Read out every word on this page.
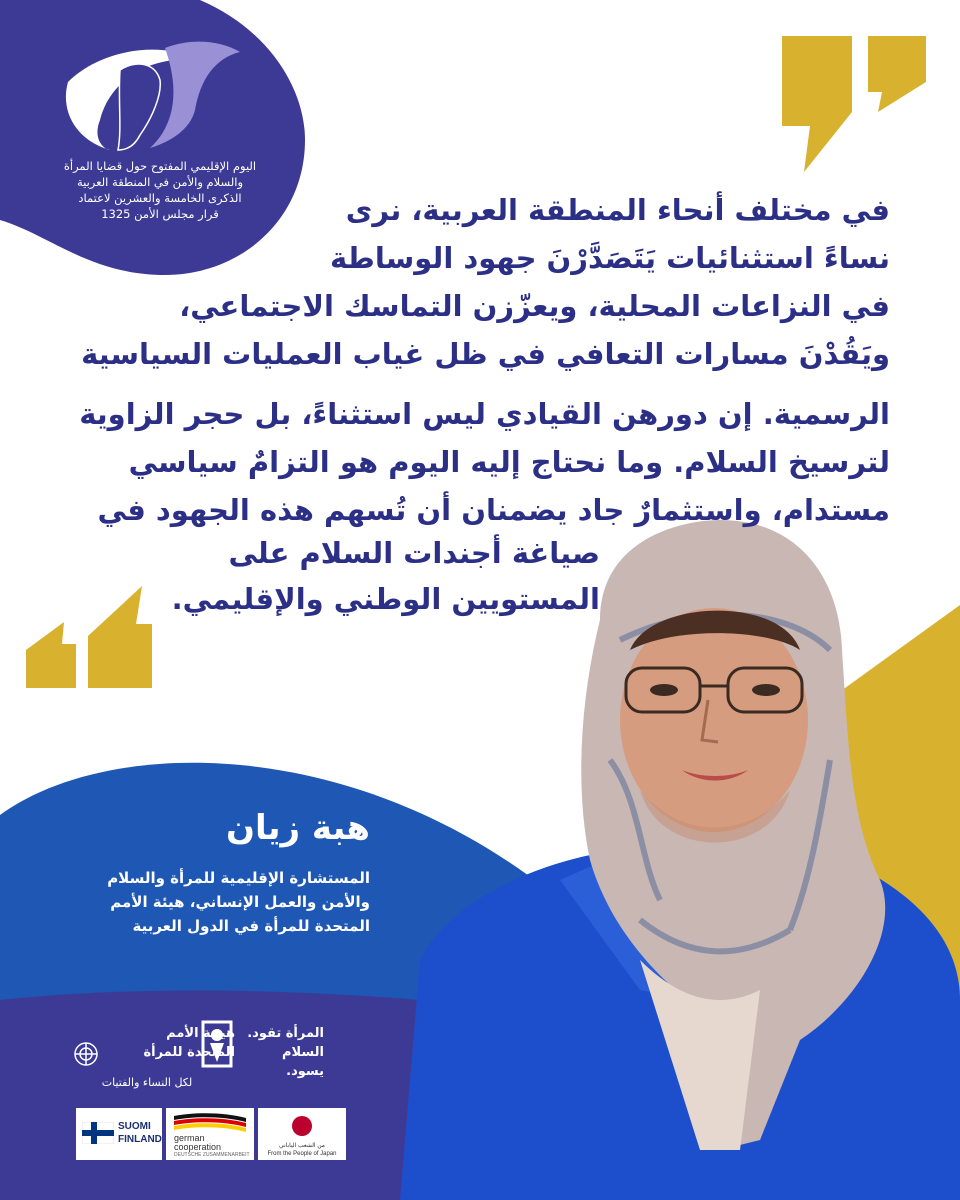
اليوم الإقليمي المفتوح حول قضايا المرأة
والسلام والأمن في المنطقة العربية
الذكرى الخامسة والعشرين لاعتماد
قرار مجلس الأمن 1325	في مختلف أنحاء المنطقة العربية، نرى
نساءً استثنائيات يَتَصَدَّرْنَ جهود الوساطة
في النزاعات المحلية، ويعزّزن التماسك الاجتماعي،
ويَقُدْنَ مسارات التعافي في ظل غياب العمليات السياسية
الرسمية. إن دورهن القيادي ليس استثناءً، بل حجر الزاوية
لترسيخ السلام. وما نحتاج إليه اليوم هو التزامٌ سياسي
مستدام، واستثمارٌ جاد يضمنان أن تُسهم هذه الجهود في
صياغة أجندات السلام على
المستويين الوطني والإقليمي.
هبة زيان
المستشارة الإقليمية للمرأة والسلام
والأمن والعمل الإنساني، هيئة الأمم
المتحدة للمرأة في الدول العربية
المرأة تقود.
السلام يسود.
هيئـة الأمم
المتحدة للمرأة
لكل النساء والفتيات
SUOMI
FINLAND german
cooperation
DEUTSCHE ZUSAMMENARBEIT
من الشعب الياباني
From the People of Japan
